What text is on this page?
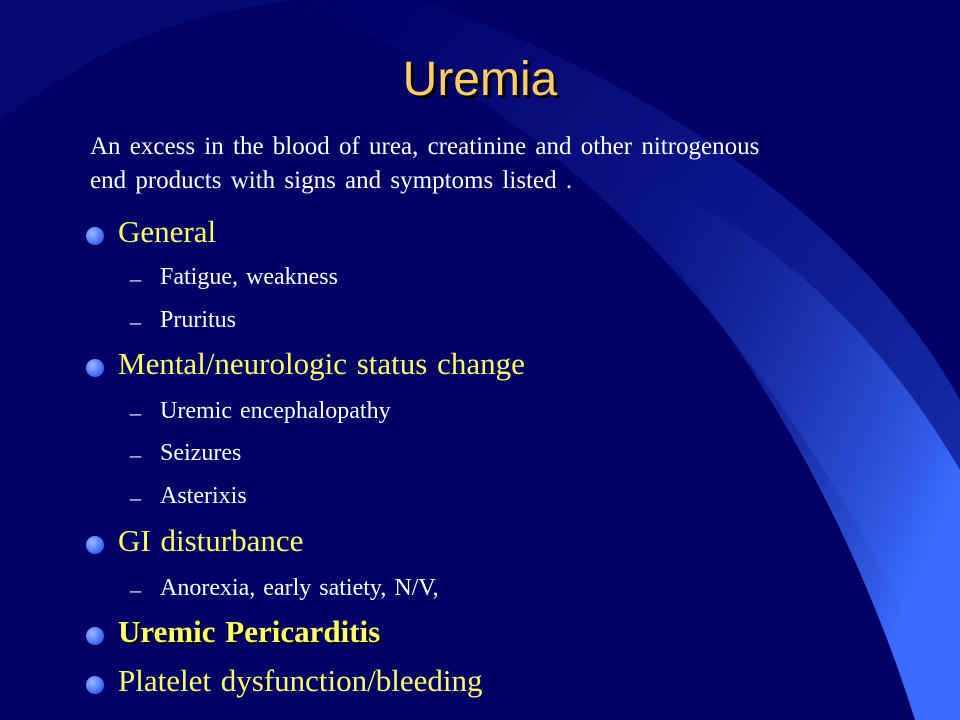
Uremia
An excess in the blood of urea, creatinine and other nitrogenous end products with signs and symptoms listed .
General
– Fatigue, weakness
– Pruritus
Mental/neurologic status change
– Uremic encephalopathy
– Seizures
– Asterixis
GI disturbance
– Anorexia, early satiety, N/V,
Uremic Pericarditis
Platelet dysfunction/bleeding
